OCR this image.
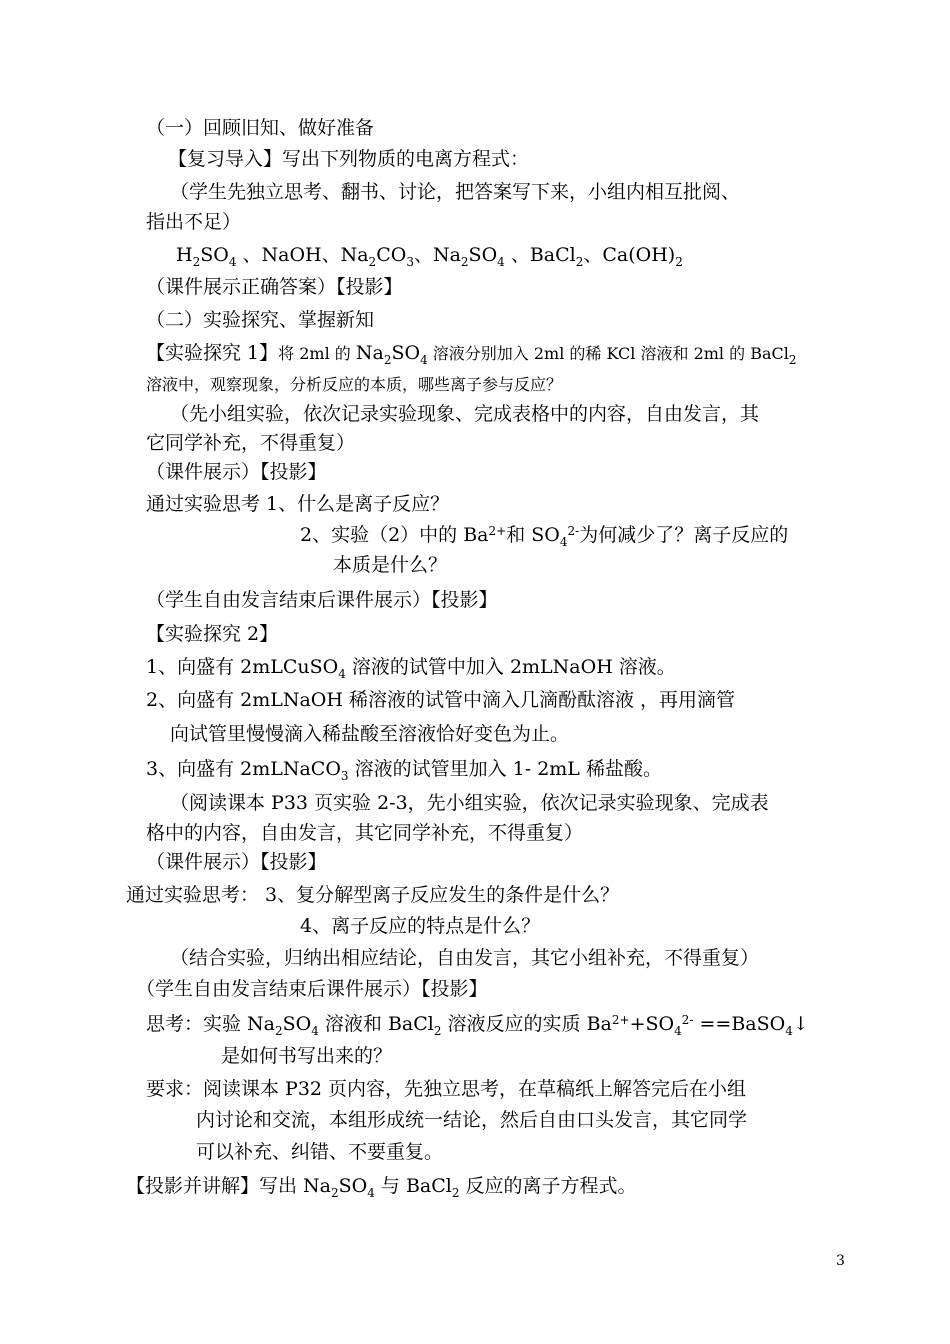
（一）回顾旧知、做好准备
【复习导入】写出下列物质的电离方程式：
（学生先独立思考、翻书、讨论，把答案写下来，小组内相互批阅、
指出不足）
$H_2SO_4$ 、NaOH、$Na_2CO_3$、$Na_2SO_4$ 、BaCl$_2$、$Ca(OH)_2$
（课件展示正确答案）【投影】
（二）实验探究、掌握新知
【实验探究 1】将 2ml 的 $Na_2SO_4$ 溶液分别加入 2ml 的稀 KCl 溶液和 2ml 的 BaCl$_2$
溶液中，观察现象，分析反应的本质，哪些离子参与反应？
（先小组实验，依次记录实验现象、完成表格中的内容，自由发言，其
它同学补充，不得重复）
（课件展示）【投影】
通过实验思考 1、什么是离子反应？
2、实验（2）中的 $Ba^{2+}$和 $SO_4^{2-}$为何减少了？离子反应的
本质是什么？
（学生自由发言结束后课件展示）【投影】
【实验探究 2】
1、向盛有 2mLCuSO$_4$ 溶液的试管中加入 2mLNaOH 溶液。
2、向盛有 2mLNaOH 稀溶液的试管中滴入几滴酚酞溶液 ，再用滴管
向试管里慢慢滴入稀盐酸至溶液恰好变色为止。
3、向盛有 2mLNaCO$_3$ 溶液的试管里加入 1- 2mL 稀盐酸。
（阅读课本 P33 页实验 2-3，先小组实验，依次记录实验现象、完成表
格中的内容，自由发言，其它同学补充，不得重复）
（课件展示）【投影】
通过实验思考： 3、复分解型离子反应发生的条件是什么？
4、离子反应的特点是什么？
（结合实验，归纳出相应结论，自由发言，其它小组补充，不得重复）
（学生自由发言结束后课件展示）【投影】
思考：实验 $Na_2SO_4$ 溶液和 BaCl$_2$ 溶液反应的实质 $Ba^{2+}+SO_4^{2-}$ ==BaSO$_4$↓
是如何书写出来的？
要求：阅读课本 P32 页内容，先独立思考，在草稿纸上解答完后在小组
内讨论和交流，本组形成统一结论，然后自由口头发言，其它同学
可以补充、纠错、不要重复。
【投影并讲解】写出 $Na_2SO_4$ 与 BaCl$_2$ 反应的离子方程式。
3
